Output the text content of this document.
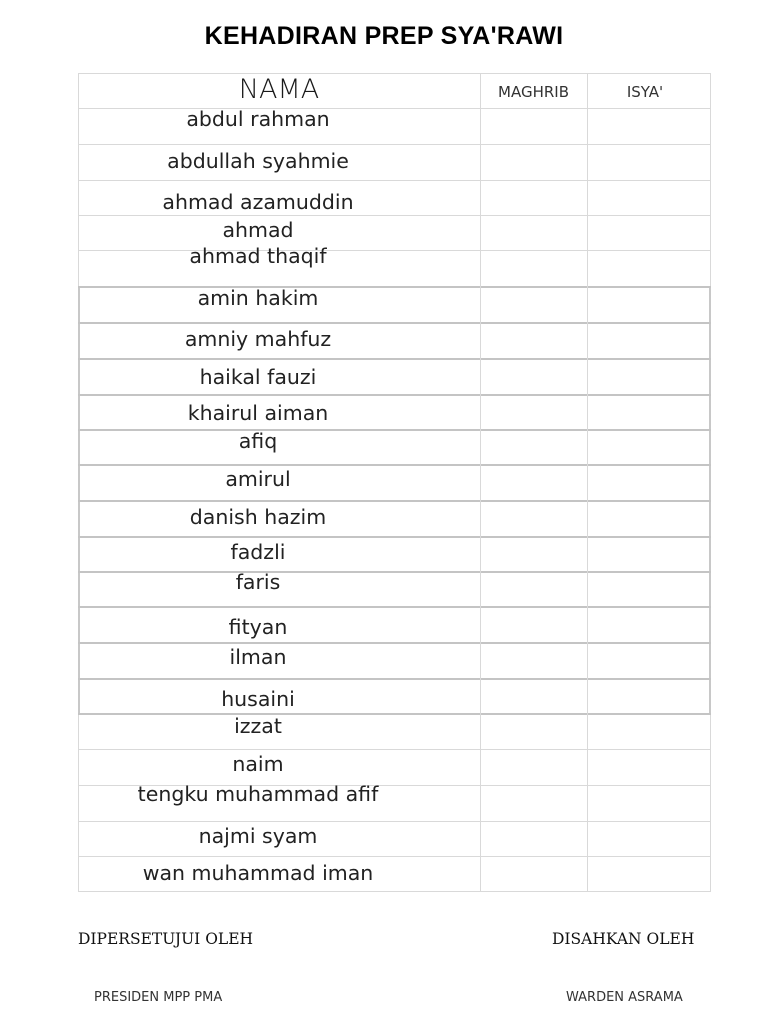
KEHADIRAN PREP SYA'RAWI
NAMA	MAGHRIB	ISYA'
abdul rahman
abdullah syahmie
ahmad azamuddin
ahmad
ahmad thaqif
amin hakim
amniy mahfuz
haikal fauzi
khairul aiman
afiq
amirul
danish hazim
fadzli
faris
fityan
ilman
husaini
izzat
naim
tengku muhammad afif
najmi syam
wan muhammad iman
DIPERSETUJUI OLEH	DISAHKAN OLEH
PRESIDEN MPP PMA	WARDEN ASRAMA
